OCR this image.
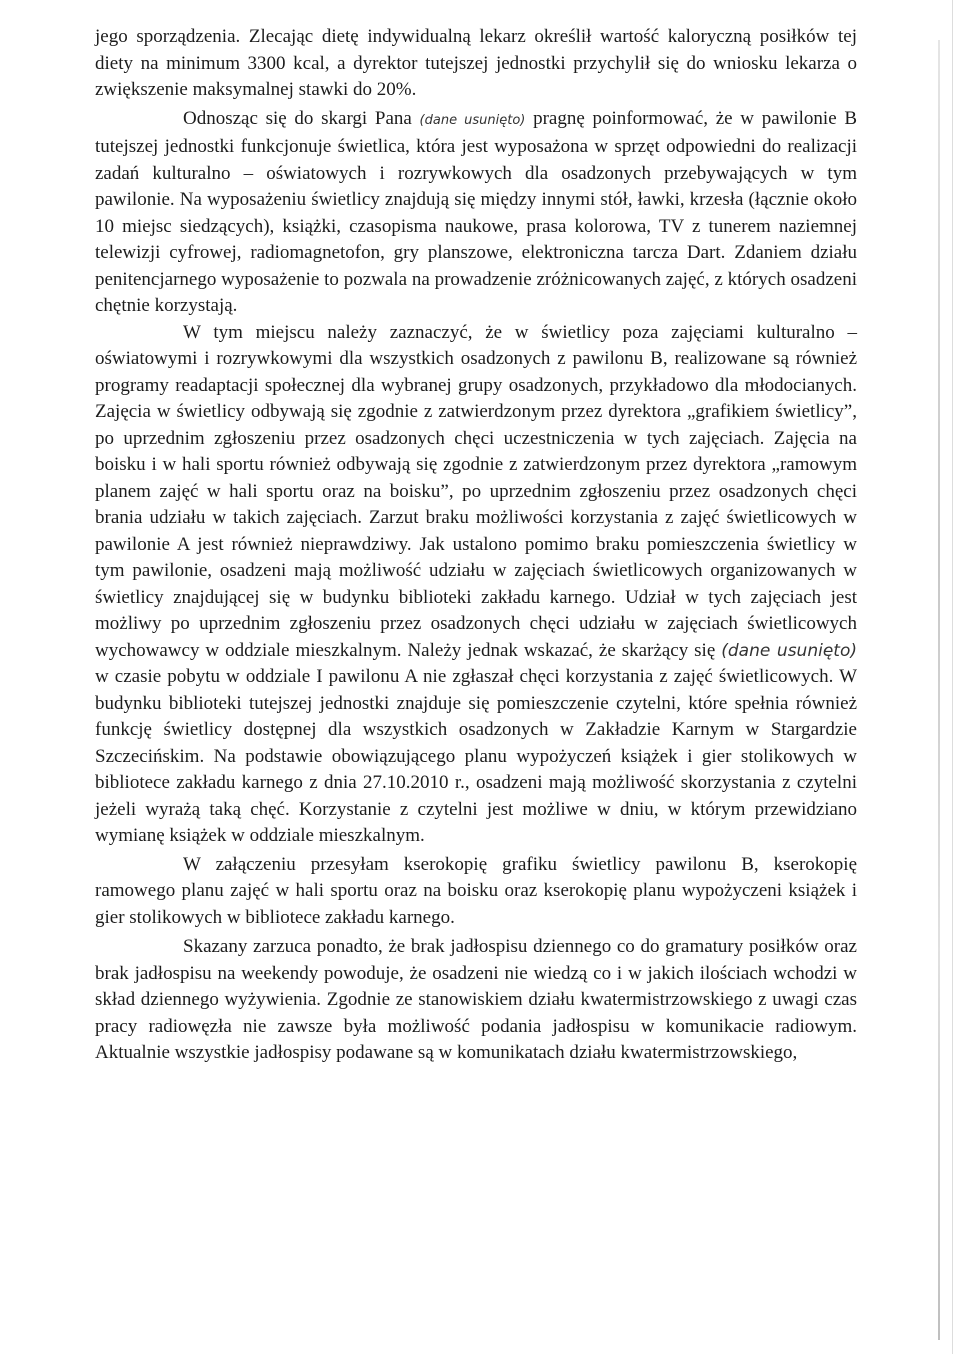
jego sporządzenia. Zlecając dietę indywidualną lekarz określił wartość kaloryczną posiłków tej diety na minimum 3300 kcal, a dyrektor tutejszej jednostki przychylił się do wniosku lekarza o zwiększenie maksymalnej stawki do 20%.

Odnosząc się do skargi Pana (dane usunięto) pragnę poinformować, że w pawilonie B tutejszej jednostki funkcjonuje świetlica, która jest wyposażona w sprzęt odpowiedni do realizacji zadań kulturalno – oświatowych i rozrywkowych dla osadzonych przebywających w tym pawilonie. Na wyposażeniu świetlicy znajdują się między innymi stół, ławki, krzesła (łącznie około 10 miejsc siedzących), książki, czasopisma naukowe, prasa kolorowa, TV z tunerem naziemnej telewizji cyfrowej, radiomagnetofon, gry planszowe, elektroniczna tarcza Dart. Zdaniem działu penitencjarnego wyposażenie to pozwala na prowadzenie zróżnicowanych zajęć, z których osadzeni chętnie korzystają.

W tym miejscu należy zaznaczyć, że w świetlicy poza zajęciami kulturalno – oświatowymi i rozrywkowymi dla wszystkich osadzonych z pawilonu B, realizowane są również programy readaptacji społecznej dla wybranej grupy osadzonych, przykładowo dla młodocianych. Zajęcia w świetlicy odbywają się zgodnie z zatwierdzonym przez dyrektora „grafikiem świetlicy”, po uprzednim zgłoszeniu przez osadzonych chęci uczestniczenia w tych zajęciach. Zajęcia na boisku i w hali sportu również odbywają się zgodnie z zatwierdzonym przez dyrektora „ramowym planem zajęć w hali sportu oraz na boisku”, po uprzednim zgłoszeniu przez osadzonych chęci brania udziału w takich zajęciach. Zarzut braku możliwości korzystania z zajęć świetlicowych w pawilonie A jest również nieprawdziwy. Jak ustalono pomimo braku pomieszczenia świetlicy w tym pawilonie, osadzeni mają możliwość udziału w zajęciach świetlicowych organizowanych w świetlicy znajdującej się w budynku biblioteki zakładu karnego. Udział w tych zajęciach jest możliwy po uprzednim zgłoszeniu przez osadzonych chęci udziału w zajęciach świetlicowych wychowawcy w oddziale mieszkalnym. Należy jednak wskazać, że skarżący się (dane usunięto) w czasie pobytu w oddziale I pawilonu A nie zgłaszał chęci korzystania z zajęć świetlicowych. W budynku biblioteki tutejszej jednostki znajduje się pomieszczenie czytelni, które spełnia również funkcję świetlicy dostępnej dla wszystkich osadzonych w Zakładzie Karnym w Stargardzie Szczecińskim. Na podstawie obowiązującego planu wypożyczeń książek i gier stolikowych w bibliotece zakładu karnego z dnia 27.10.2010 r., osadzeni mają możliwość skorzystania z czytelni jeżeli wyrażą taką chęć. Korzystanie z czytelni jest możliwe w dniu, w którym przewidziano wymianę książek w oddziale mieszkalnym.

W załączeniu przesyłam kserokopię grafiku świetlicy pawilonu B, kserokopię ramowego planu zajęć w hali sportu oraz na boisku oraz kserokopię planu wypożyczeni książek i gier stolikowych w bibliotece zakładu karnego.

Skazany zarzuca ponadto, że brak jadłospisu dziennego co do gramatury posiłków oraz brak jadłospisu na weekendy powoduje, że osadzeni nie wiedzą co i w jakich ilościach wchodzi w skład dziennego wyżywienia. Zgodnie ze stanowiskiem działu kwatermistrzowskiego z uwagi czas pracy radiowęzła nie zawsze była możliwość podania jadłospisu w komunikacie radiowym. Aktualnie wszystkie jadłospisy podawane są w komunikatach działu kwatermistrzowskiego,
